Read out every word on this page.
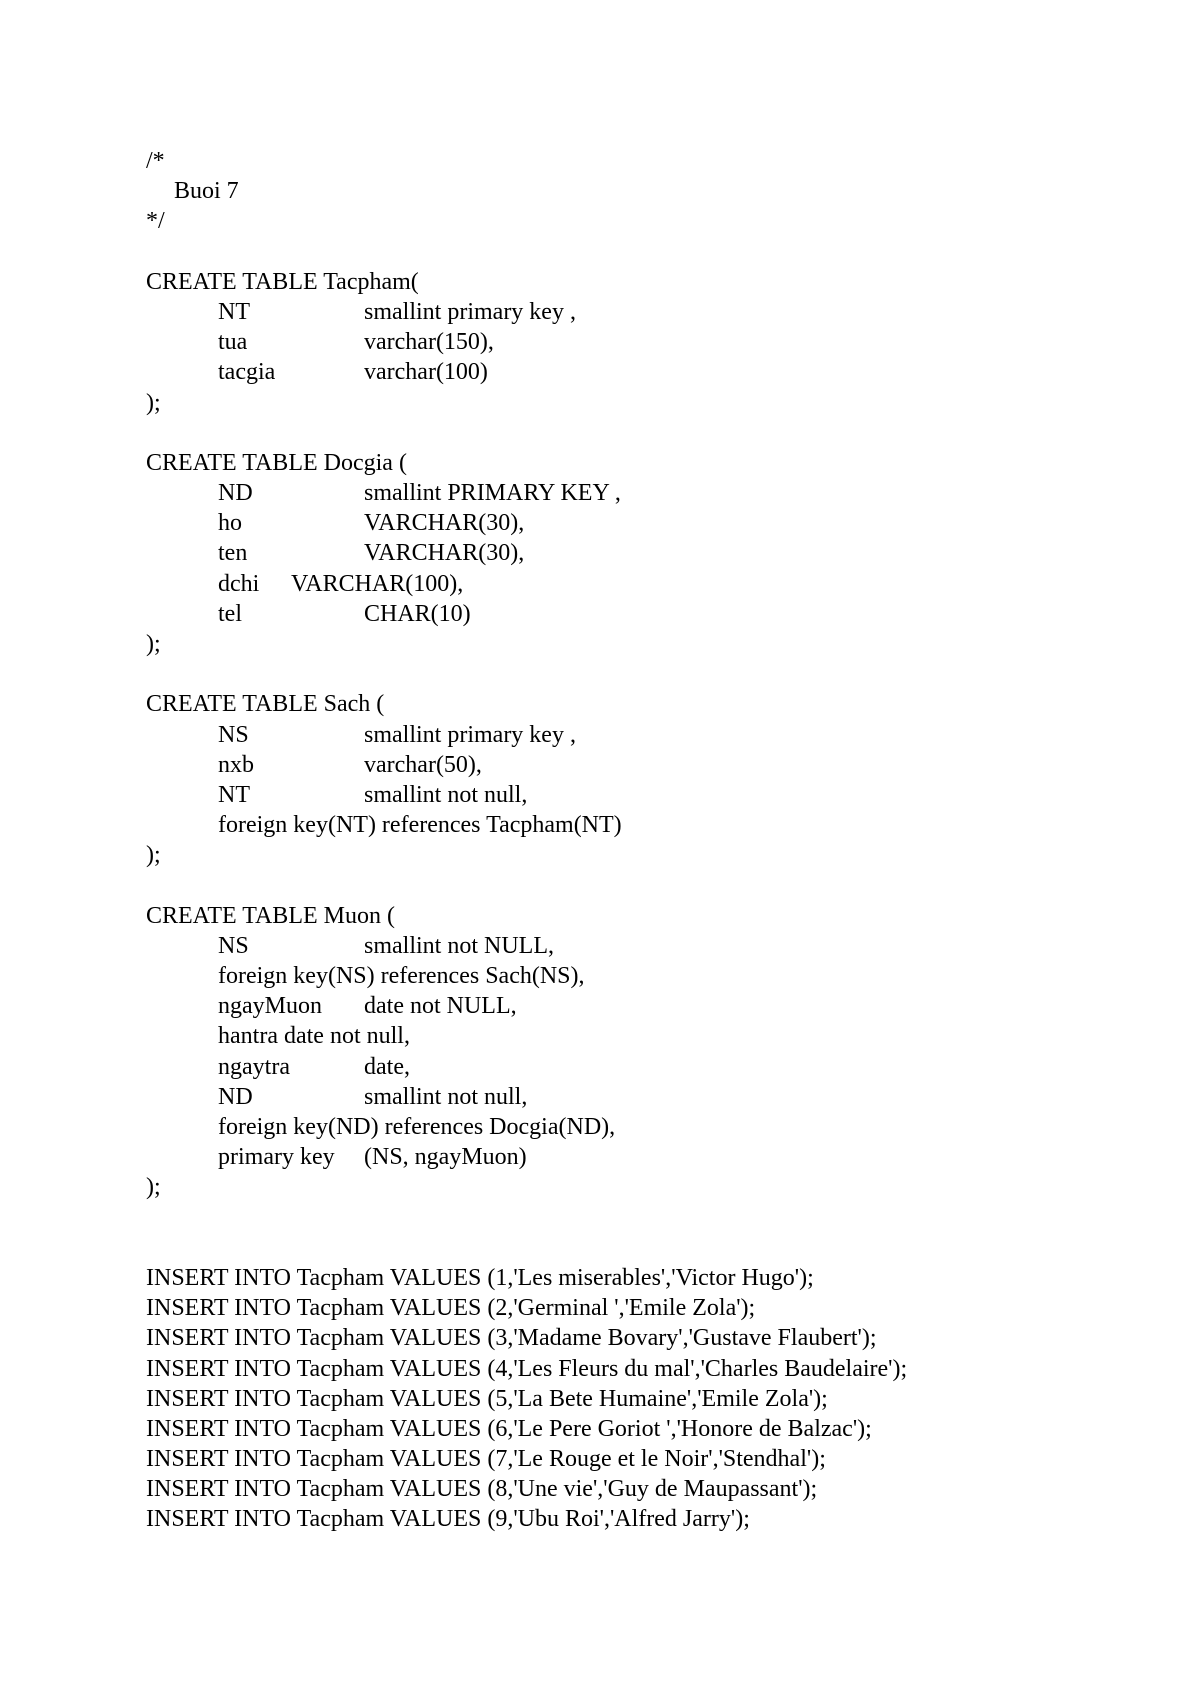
/*
Buoi 7
*/
CREATE TABLE Tacpham(
NT	smallint primary key ,
tua	varchar(150),
tacgia	varchar(100)
);
CREATE TABLE Docgia (
ND	smallint PRIMARY KEY ,
ho	VARCHAR(30),
ten	VARCHAR(30),
dchi VARCHAR(100),
tel	CHAR(10)
);
CREATE TABLE Sach (
NS	smallint primary key ,
nxb	varchar(50),
NT	smallint not null,
foreign key(NT) references Tacpham(NT)
);
CREATE TABLE Muon (
NS	smallint not NULL,
foreign key(NS) references Sach(NS),
ngayMuon date not NULL,
hantra date not null,
ngaytra	date,
ND	smallint not null,
foreign key(ND) references Docgia(ND),
primary key (NS, ngayMuon)
);
INSERT INTO Tacpham VALUES (1,'Les miserables','Victor Hugo');
INSERT INTO Tacpham VALUES (2,'Germinal ','Emile Zola');
INSERT INTO Tacpham VALUES (3,'Madame Bovary','Gustave Flaubert');
INSERT INTO Tacpham VALUES (4,'Les Fleurs du mal','Charles Baudelaire');
INSERT INTO Tacpham VALUES (5,'La Bete Humaine','Emile Zola');
INSERT INTO Tacpham VALUES (6,'Le Pere Goriot ','Honore de Balzac');
INSERT INTO Tacpham VALUES (7,'Le Rouge et le Noir','Stendhal');
INSERT INTO Tacpham VALUES (8,'Une vie','Guy de Maupassant');
INSERT INTO Tacpham VALUES (9,'Ubu Roi','Alfred Jarry');
